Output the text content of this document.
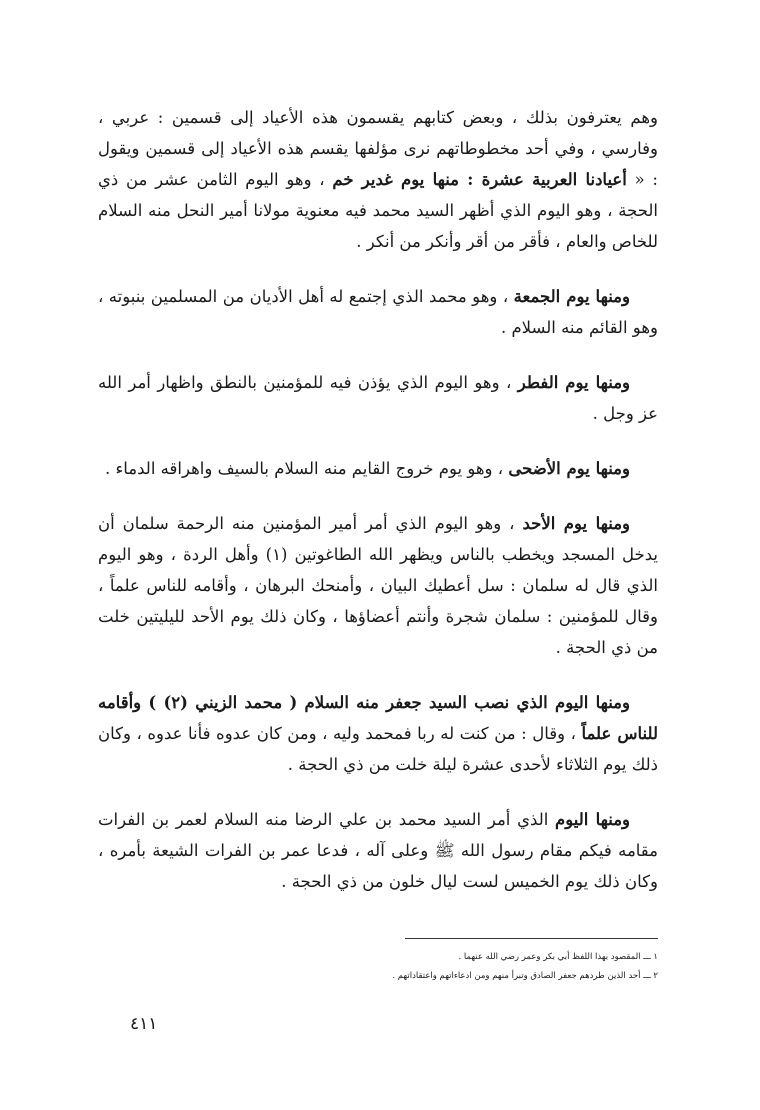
وهم يعترفون بذلك ، وبعض كتابهم يقسمون هذه الأعياد إلى قسمين : عربي ، وفارسي ، وفي أحد مخطوطاتهم نرى مؤلفها يقسم هذه الأعياد إلى قسمين ويقول : « أعيادنا العربية عشرة : منها يوم غدير خم ، وهو اليوم الثامن عشر من ذي الحجة ، وهو اليوم الذي أظهر السيد محمد فيه معنوية مولانا أمير النحل منه السلام للخاص والعام ، فأقر من أقر وأنكر من أنكر .

ومنها يوم الجمعة ، وهو محمد الذي إجتمع له أهل الأديان من المسلمين بنبوته ، وهو القائم منه السلام .

ومنها يوم الفطر ، وهو اليوم الذي يؤذن فيه للمؤمنين بالنطق واظهار أمر الله عز وجل .

ومنها يوم الأضحى ، وهو يوم خروج القايم منه السلام بالسيف واهراقه الدماء .

ومنها يوم الأحد ، وهو اليوم الذي أمر أمير المؤمنين منه الرحمة سلمان أن يدخل المسجد ويخطب بالناس ويظهر الله الطاغوتين (١) وأهل الردة ، وهو اليوم الذي قال له سلمان : سل أعطيك البيان ، وأمنحك البرهان ، وأقامه للناس علماً ، وقال للمؤمنين : سلمان شجرة وأنتم أعضاؤها ، وكان ذلك يوم الأحد لليليتين خلت من ذي الحجة .

ومنها اليوم الذي نصب السيد جعفر منه السلام ( محمد الزيني (٢) ) وأقامه للناس علماً ، وقال : من كنت له ربا فمحمد وليه ، ومن كان عدوه فأنا عدوه ، وكان ذلك يوم الثلاثاء لأحدى عشرة ليلة خلت من ذي الحجة .

ومنها اليوم الذي أمر السيد محمد بن علي الرضا منه السلام لعمر بن الفرات مقامه فيكم مقام رسول الله ﷺ وعلى آله ، فدعا عمر بن الفرات الشيعة بأمره ، وكان ذلك يوم الخميس لست ليال خلون من ذي الحجة .

١ ـــ المقصود بهذا اللفظ أبي بكر وعمر رضي الله عنهما .
٢ ـــ أحد الذين طردهم جعفر الصادق وتبرأ منهم ومن ادعاءاتهم واعتقاداتهم .
٤١١
